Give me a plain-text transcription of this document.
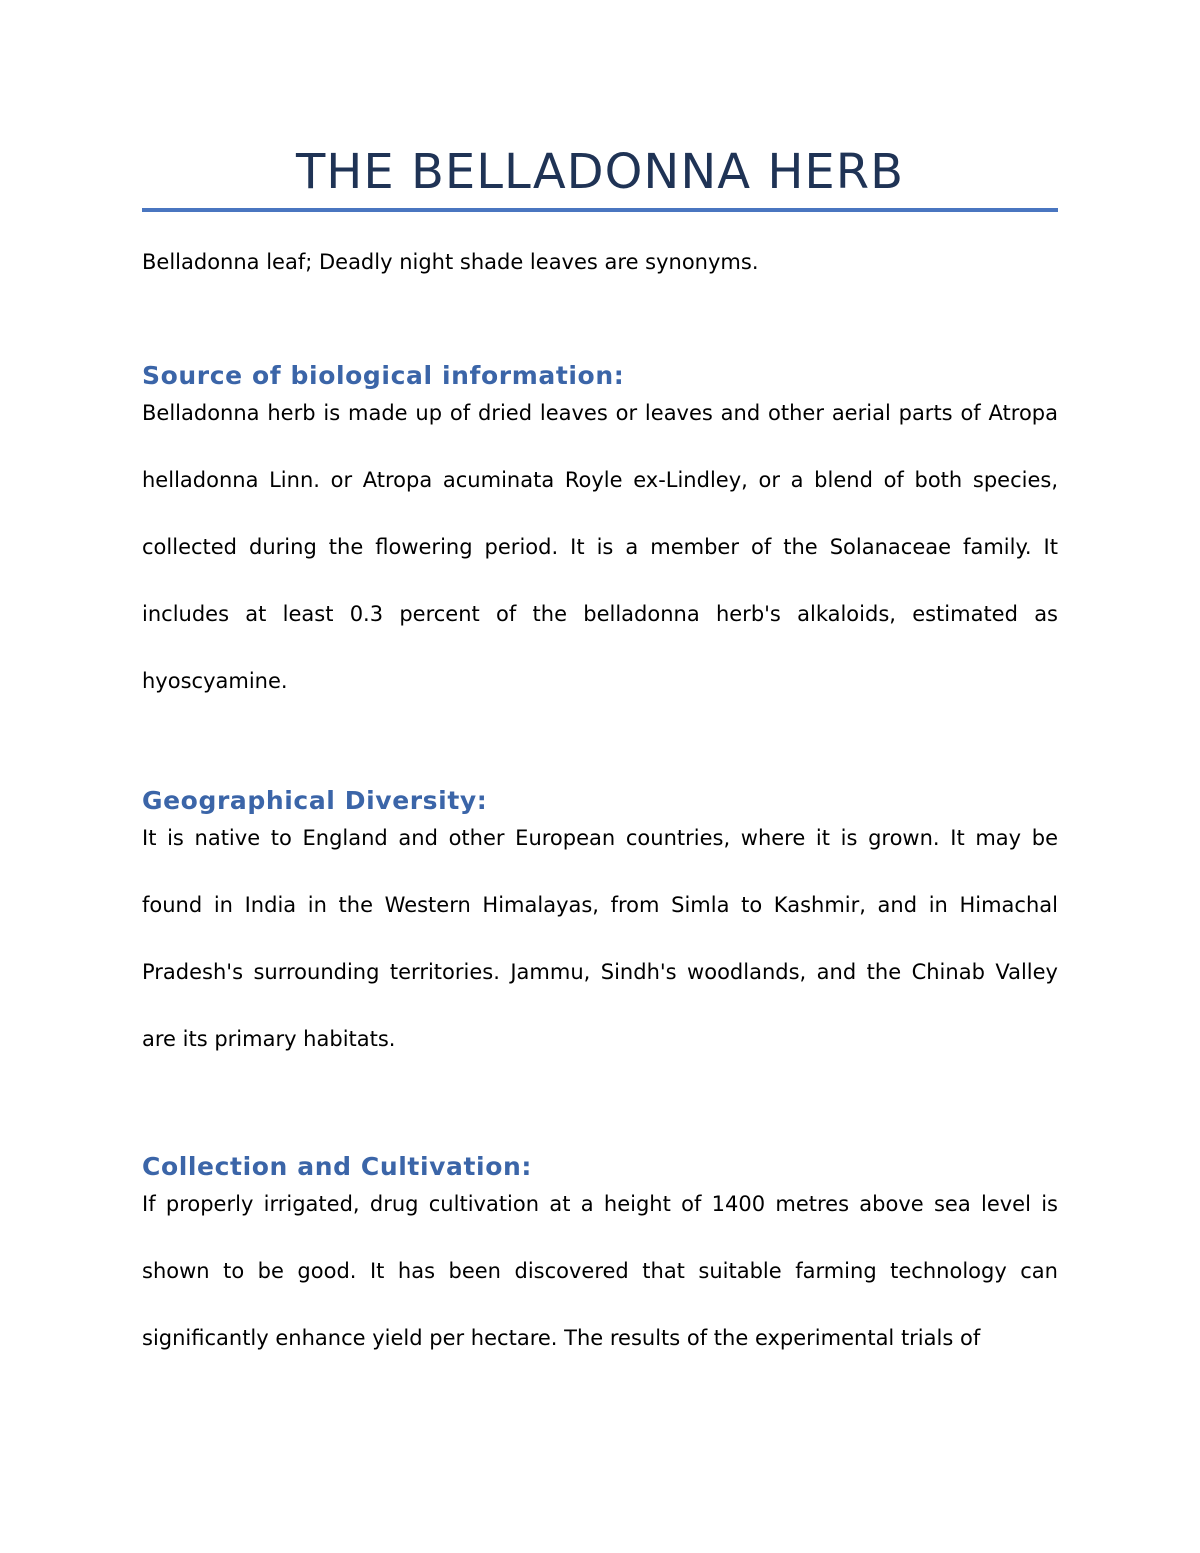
THE BELLADONNA HERB

Belladonna leaf; Deadly night shade leaves are synonyms.

Source of biological information:

Belladonna herb is made up of dried leaves or leaves and other aerial parts of Atropa helladonna Linn. or Atropa acuminata Royle ex-Lindley, or a blend of both species, collected during the flowering period. It is a member of the Solanaceae family. It includes at least 0.3 percent of the belladonna herb's alkaloids, estimated as hyoscyamine.

Geographical Diversity:

It is native to England and other European countries, where it is grown. It may be found in India in the Western Himalayas, from Simla to Kashmir, and in Himachal Pradesh's surrounding territories. Jammu, Sindh's woodlands, and the Chinab Valley are its primary habitats.

Collection and Cultivation:

If properly irrigated, drug cultivation at a height of 1400 metres above sea level is shown to be good. It has been discovered that suitable farming technology can significantly enhance yield per hectare. The results of the experimental trials of
